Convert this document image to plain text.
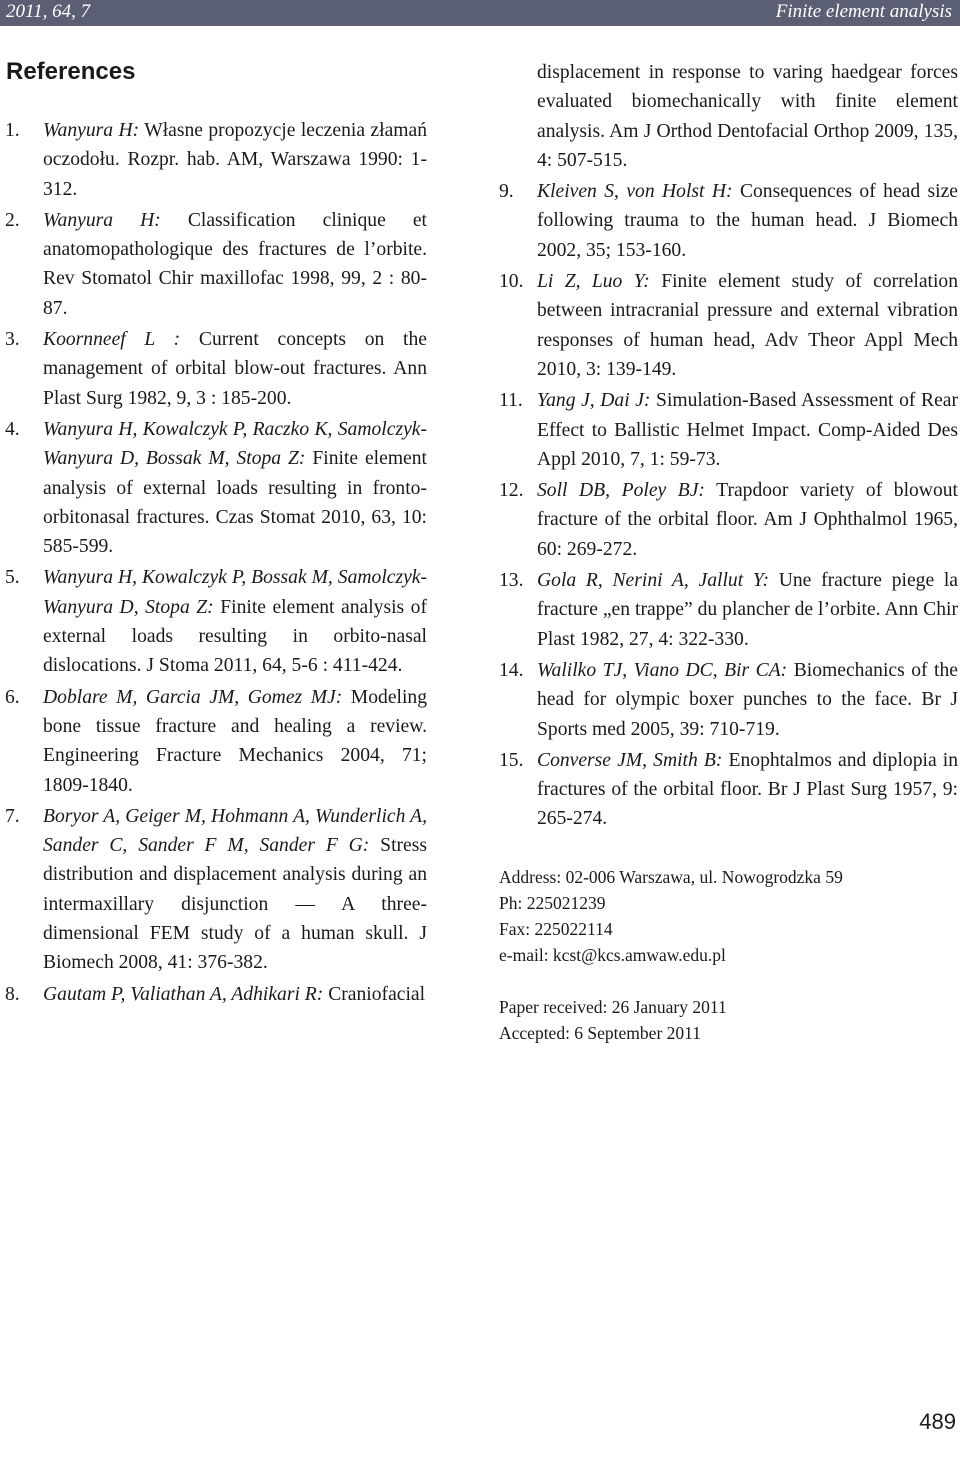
2011, 64, 7	Finite element analysis
References
1.	Wanyura H: Własne propozycje leczenia złamań oczodołu. Rozpr. hab. AM, Warszawa 1990: 1-312.
2.	Wanyura H: Classification clinique et anatomopathologique des fractures de l’orbite. Rev Stomatol Chir maxillofac 1998, 99, 2 : 80-87.
3.	Koornneef L : Current concepts on the management of orbital blow-out fractures. Ann Plast Surg 1982, 9, 3 : 185-200.
4.	Wanyura H, Kowalczyk P, Raczko K, Samolczyk-Wanyura D, Bossak M, Stopa Z: Finite element analysis of external loads resulting in fronto-orbitonasal fractures. Czas Stomat 2010, 63, 10: 585-599.
5.	Wanyura H, Kowalczyk P, Bossak M, Samolczyk-Wanyura D, Stopa Z: Finite element analysis of external loads resulting in orbito-nasal dislocations. J Stoma 2011, 64, 5-6 : 411-424.
6.	Doblare M, Garcia JM, Gomez MJ: Modeling bone tissue fracture and healing a review. Engineering Fracture Mechanics 2004, 71; 1809-1840.
7.	Boryor A, Geiger M, Hohmann A, Wunderlich A, Sander C, Sander F M, Sander F G: Stress distribution and displacement analysis during an intermaxillary disjunction — A three-dimensional FEM study of a human skull. J Biomech 2008, 41: 376-382.
8.	Gautam P, Valiathan A, Adhikari R: Craniofacial
displacement in response to varing haedgear forces evaluated biomechanically with finite element analysis. Am J Orthod Dentofacial Orthop 2009, 135, 4: 507-515.
9.	Kleiven S, von Holst H: Consequences of head size following trauma to the human head. J Biomech 2002, 35; 153-160.
10. Li Z, Luo Y: Finite element study of correlation between intracranial pressure and external vibration responses of human head, Adv Theor Appl Mech 2010, 3: 139-149.
11. Yang J, Dai J: Simulation-Based Assessment of Rear Effect to Ballistic Helmet Impact. Comp-Aided Des Appl 2010, 7, 1: 59-73.
12. Soll DB, Poley BJ: Trapdoor variety of blowout fracture of the orbital floor. Am J Ophthalmol 1965, 60: 269-272.
13. Gola R, Nerini A, Jallut Y: Une fracture piege la fracture „en trappe” du plancher de l’orbite. Ann Chir Plast 1982, 27, 4: 322-330.
14. Walilko TJ, Viano DC, Bir CA: Biomechanics of the head for olympic boxer punches to the face. Br J Sports med 2005, 39: 710-719.
15. Converse JM, Smith B: Enophtalmos and diplopia in fractures of the orbital floor. Br J Plast Surg 1957, 9: 265-274.
Address: 02-006 Warszawa, ul. Nowogrodzka 59
Ph: 225021239
Fax: 225022114
e-mail: kcst@kcs.amwaw.edu.pl
Paper received: 26 January 2011
Accepted: 6 September 2011
489
